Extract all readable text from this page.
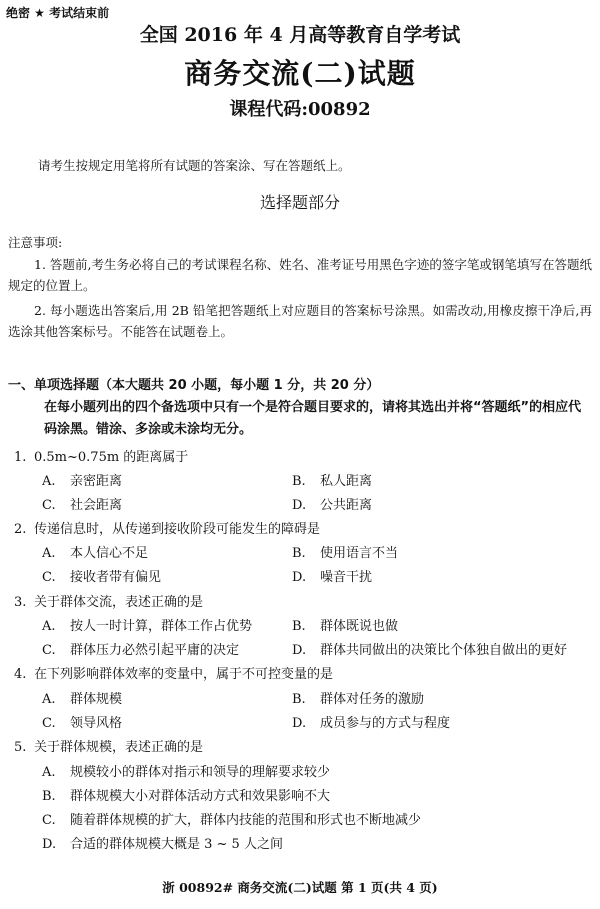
绝密 ★ 考试结束前
全国 2016 年 4 月高等教育自学考试
商务交流(二)试题
课程代码:00892
请考生按规定用笔将所有试题的答案涂、写在答题纸上。
选择题部分
注意事项:
1. 答题前,考生务必将自己的考试课程名称、姓名、准考证号用黑色字迹的签字笔或钢笔填写在答题纸规定的位置上。
2. 每小题选出答案后,用 2B 铅笔把答题纸上对应题目的答案标号涂黑。如需改动,用橡皮擦干净后,再选涂其他答案标号。不能答在试题卷上。
一、单项选择题（本大题共 20 小题，每小题 1 分，共 20 分）
在每小题列出的四个备选项中只有一个是符合题目要求的，请将其选出并将“答题纸”的相应代码涂黑。错涂、多涂或未涂均无分。
1. 0.5m~0.75m 的距离属于
A. 亲密距离	B. 私人距离
C. 社会距离	D. 公共距离
2. 传递信息时，从传递到接收阶段可能发生的障碍是
A. 本人信心不足	B. 使用语言不当
C. 接收者带有偏见	D. 噪音干扰
3. 关于群体交流，表述正确的是
A. 按人一时计算，群体工作占优势	B. 群体既说也做
C. 群体压力必然引起平庸的决定	D. 群体共同做出的决策比个体独自做出的更好
4. 在下列影响群体效率的变量中，属于不可控变量的是
A. 群体规模	B. 群体对任务的激励
C. 领导风格	D. 成员参与的方式与程度
5. 关于群体规模，表述正确的是
A. 规模较小的群体对指示和领导的理解要求较少
B. 群体规模大小对群体活动方式和效果影响不大
C. 随着群体规模的扩大，群体内技能的范围和形式也不断地减少
D. 合适的群体规模大概是 3 ~ 5 人之间
浙 00892# 商务交流(二)试题 第 1 页(共 4 页)
